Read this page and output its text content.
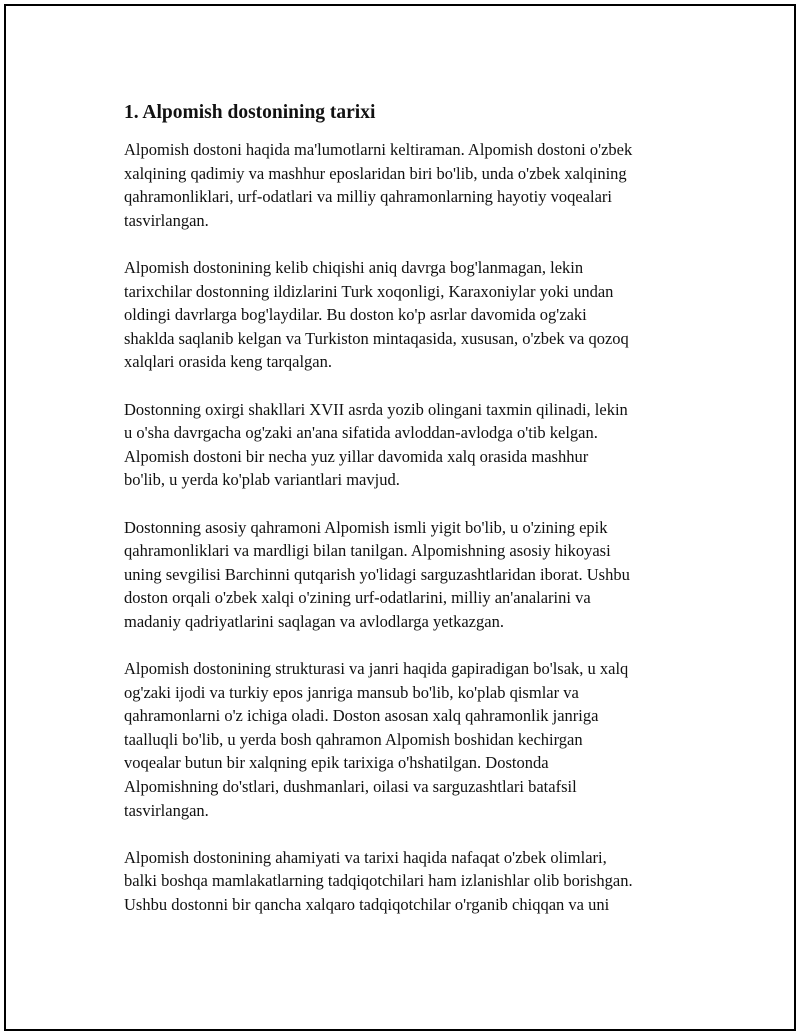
1. Alpomish dostonining tarixi

Alpomish dostoni haqida ma'lumotlarni keltiraman. Alpomish dostoni o'zbek
xalqining qadimiy va mashhur eposlaridan biri bo'lib, unda o'zbek xalqining
qahramonliklari, urf-odatlari va milliy qahramonlarning hayotiy voqealari
tasvirlangan.

Alpomish dostonining kelib chiqishi aniq davrga bog'lanmagan, lekin
tarixchilar dostonning ildizlarini Turk xoqonligi, Karaxoniylar yoki undan
oldingi davrlarga bog'laydilar. Bu doston ko'p asrlar davomida og'zaki
shaklda saqlanib kelgan va Turkiston mintaqasida, xususan, o'zbek va qozoq
xalqlari orasida keng tarqalgan.

Dostonning oxirgi shakllari XVII asrda yozib olingani taxmin qilinadi, lekin
u o'sha davrgacha og'zaki an'ana sifatida avloddan-avlodga o'tib kelgan.
Alpomish dostoni bir necha yuz yillar davomida xalq orasida mashhur
bo'lib, u yerda ko'plab variantlari mavjud.

Dostonning asosiy qahramoni Alpomish ismli yigit bo'lib, u o'zining epik
qahramonliklari va mardligi bilan tanilgan. Alpomishning asosiy hikoyasi
uning sevgilisi Barchinni qutqarish yo'lidagi sarguzashtlaridan iborat. Ushbu
doston orqali o'zbek xalqi o'zining urf-odatlarini, milliy an'analarini va
madaniy qadriyatlarini saqlagan va avlodlarga yetkazgan.

Alpomish dostonining strukturasi va janri haqida gapiradigan bo'lsak, u xalq
og'zaki ijodi va turkiy epos janriga mansub bo'lib, ko'plab qismlar va
qahramonlarni o'z ichiga oladi. Doston asosan xalq qahramonlik janriga
taalluqli bo'lib, u yerda bosh qahramon Alpomish boshidan kechirgan
voqealar butun bir xalqning epik tarixiga o'hshatilgan. Dostonda
Alpomishning do'stlari, dushmanlari, oilasi va sarguzashtlari batafsil
tasvirlangan.

Alpomish dostonining ahamiyati va tarixi haqida nafaqat o'zbek olimlari,
balki boshqa mamlakatlarning tadqiqotchilari ham izlanishlar olib borishgan.
Ushbu dostonni bir qancha xalqaro tadqiqotchilar o'rganib chiqqan va uni
